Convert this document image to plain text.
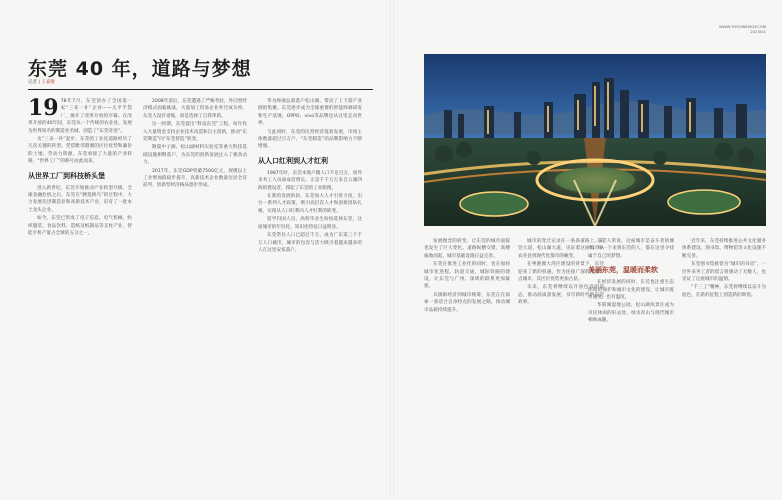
东莞 40 年，道路与梦想
记者 | 王嘉敏

19 78年7月，东莞创办了全国第一家“三来一补”企业——太平手袋厂，揭开了改革开放的序幕。在改革开放的40年间，东莞从一个传统的农业县，发展为世界知名的制造业名城，创造了“东莞奇迹”。

从“三来一补”起步，东莞的工业化道路经历了几次关键的转型。凭借毗邻港澳的区位优势和廉价的土地、劳动力资源，东莞承接了大量的产业转移，“世界工厂”的称号由此而来。

从世界工厂到科技桥头堡

进入新世纪，东莞开始推动产业转型升级。全球金融危机之后，东莞在“腾笼换鸟”的过程中，大力发展先进制造业和高新技术产业，培育了一批本土龙头企业。

如今，东莞已形成了电子信息、电气机械、纺织服装、食品饮料、造纸及纸制品等支柱产业，智能手机产量占全球的五分之一。

2008年前后，东莞遭遇了严峻考验，外向型经济模式面临挑战，大量加工贸易企业外迁或关停。东莞人没有退缩，而是选择了自我革新。

这一时期，东莞提出“科技东莞”工程，每年投入大量资金支持企业技术改造和自主创新，推动“东莞制造”向“东莞智造”转变。

散裂中子源、松山湖材料实验室等重大科技基础设施相继落户，为东莞的创新发展注入了强劲动力。

2017年，东莞GDP突破7500亿元，规模以上工业增加值稳步提升，高新技术企业数量位居全省前列，创新型经济格局逐步形成。

华为终端总部落户松山湖，带动了上下游产业链的集聚。东莞逐步成为全球重要的智能终端研发和生产基地，OPPO、vivo等品牌也从这里走向世界。

与此同时，东莞的民营经济蓬勃发展，市场主体数量超过百万户，“东莞制造”的品牌影响力不断增强。

从人口红利到人才红利

1987年时，东莞本地户籍人口不足百万，而外来务工人员却成倍增长。正是千千万万来自五湖四海的建设者，撑起了东莞的工业版图。

在新的发展阶段，东莞加大人才引进力度，出台一系列人才政策，吸引高层次人才和创新团队扎根，实现从人口红利向人才红利的转变。

留学归国人员、高校毕业生纷纷选择东莞，这座城市的年轻化、知识化特征日益明显。

东莞常住人口已超过千万，成为广东第三个千万人口城市，城市的包容与活力吸引着越来越多的人在这里安家落户。

WWW.YOSOWEEKLY.COM
2023/01

发展理念的转变，让东莞的城市面貌也发生了巨大变化。道路纵横交错，高楼拔地而起，城市基础设施日益完善。

东莞在推进工业化的同时，也在加快城市化进程。轨道交通、城际铁路的建设，让东莞与广州、深圳的联系更加紧密。

从镇街经济到城市统筹，东莞正在探索一条适合自身特点的发展之路，推动城市品质持续提升。

城市的变迁记录在一条条道路上。东莞大道、松山湖大道，见证着这座城市从农业县到现代化都市的蜕变。

在粤港澳大湾区建设的背景下，东莞迎来了新的机遇，作为连接广深的重要节点城市，其区位优势更加凸显。

未来，东莞将继续以开放包容的姿态，推动高质量发展，书写新时代的东莞故事。

东莞人常说，这座城市是奋斗者的城市。每一个来到东莞的人，都在这里寻找属于自己的梦想。

美丽东莞，温暖而柔软

在经济发展的同时，东莞也注重生态环境的保护和城市文化的建设，让城市既有速度，也有温度。

华阳湖湿地公园、松山湖风景区成为市民休闲的好去处，绿水青山与现代城市相映成趣。

近年来，东莞持续推进公共文化服务体系建设，图书馆、博物馆等文化设施不断完善。

东莞图书馆被誉为“城市的书房”，一位外来务工者的留言曾感动了无数人，也见证了这座城市的温情。

“千三工”精神，东莞将继续以奋斗为底色，在新的征程上创造新的辉煌。
